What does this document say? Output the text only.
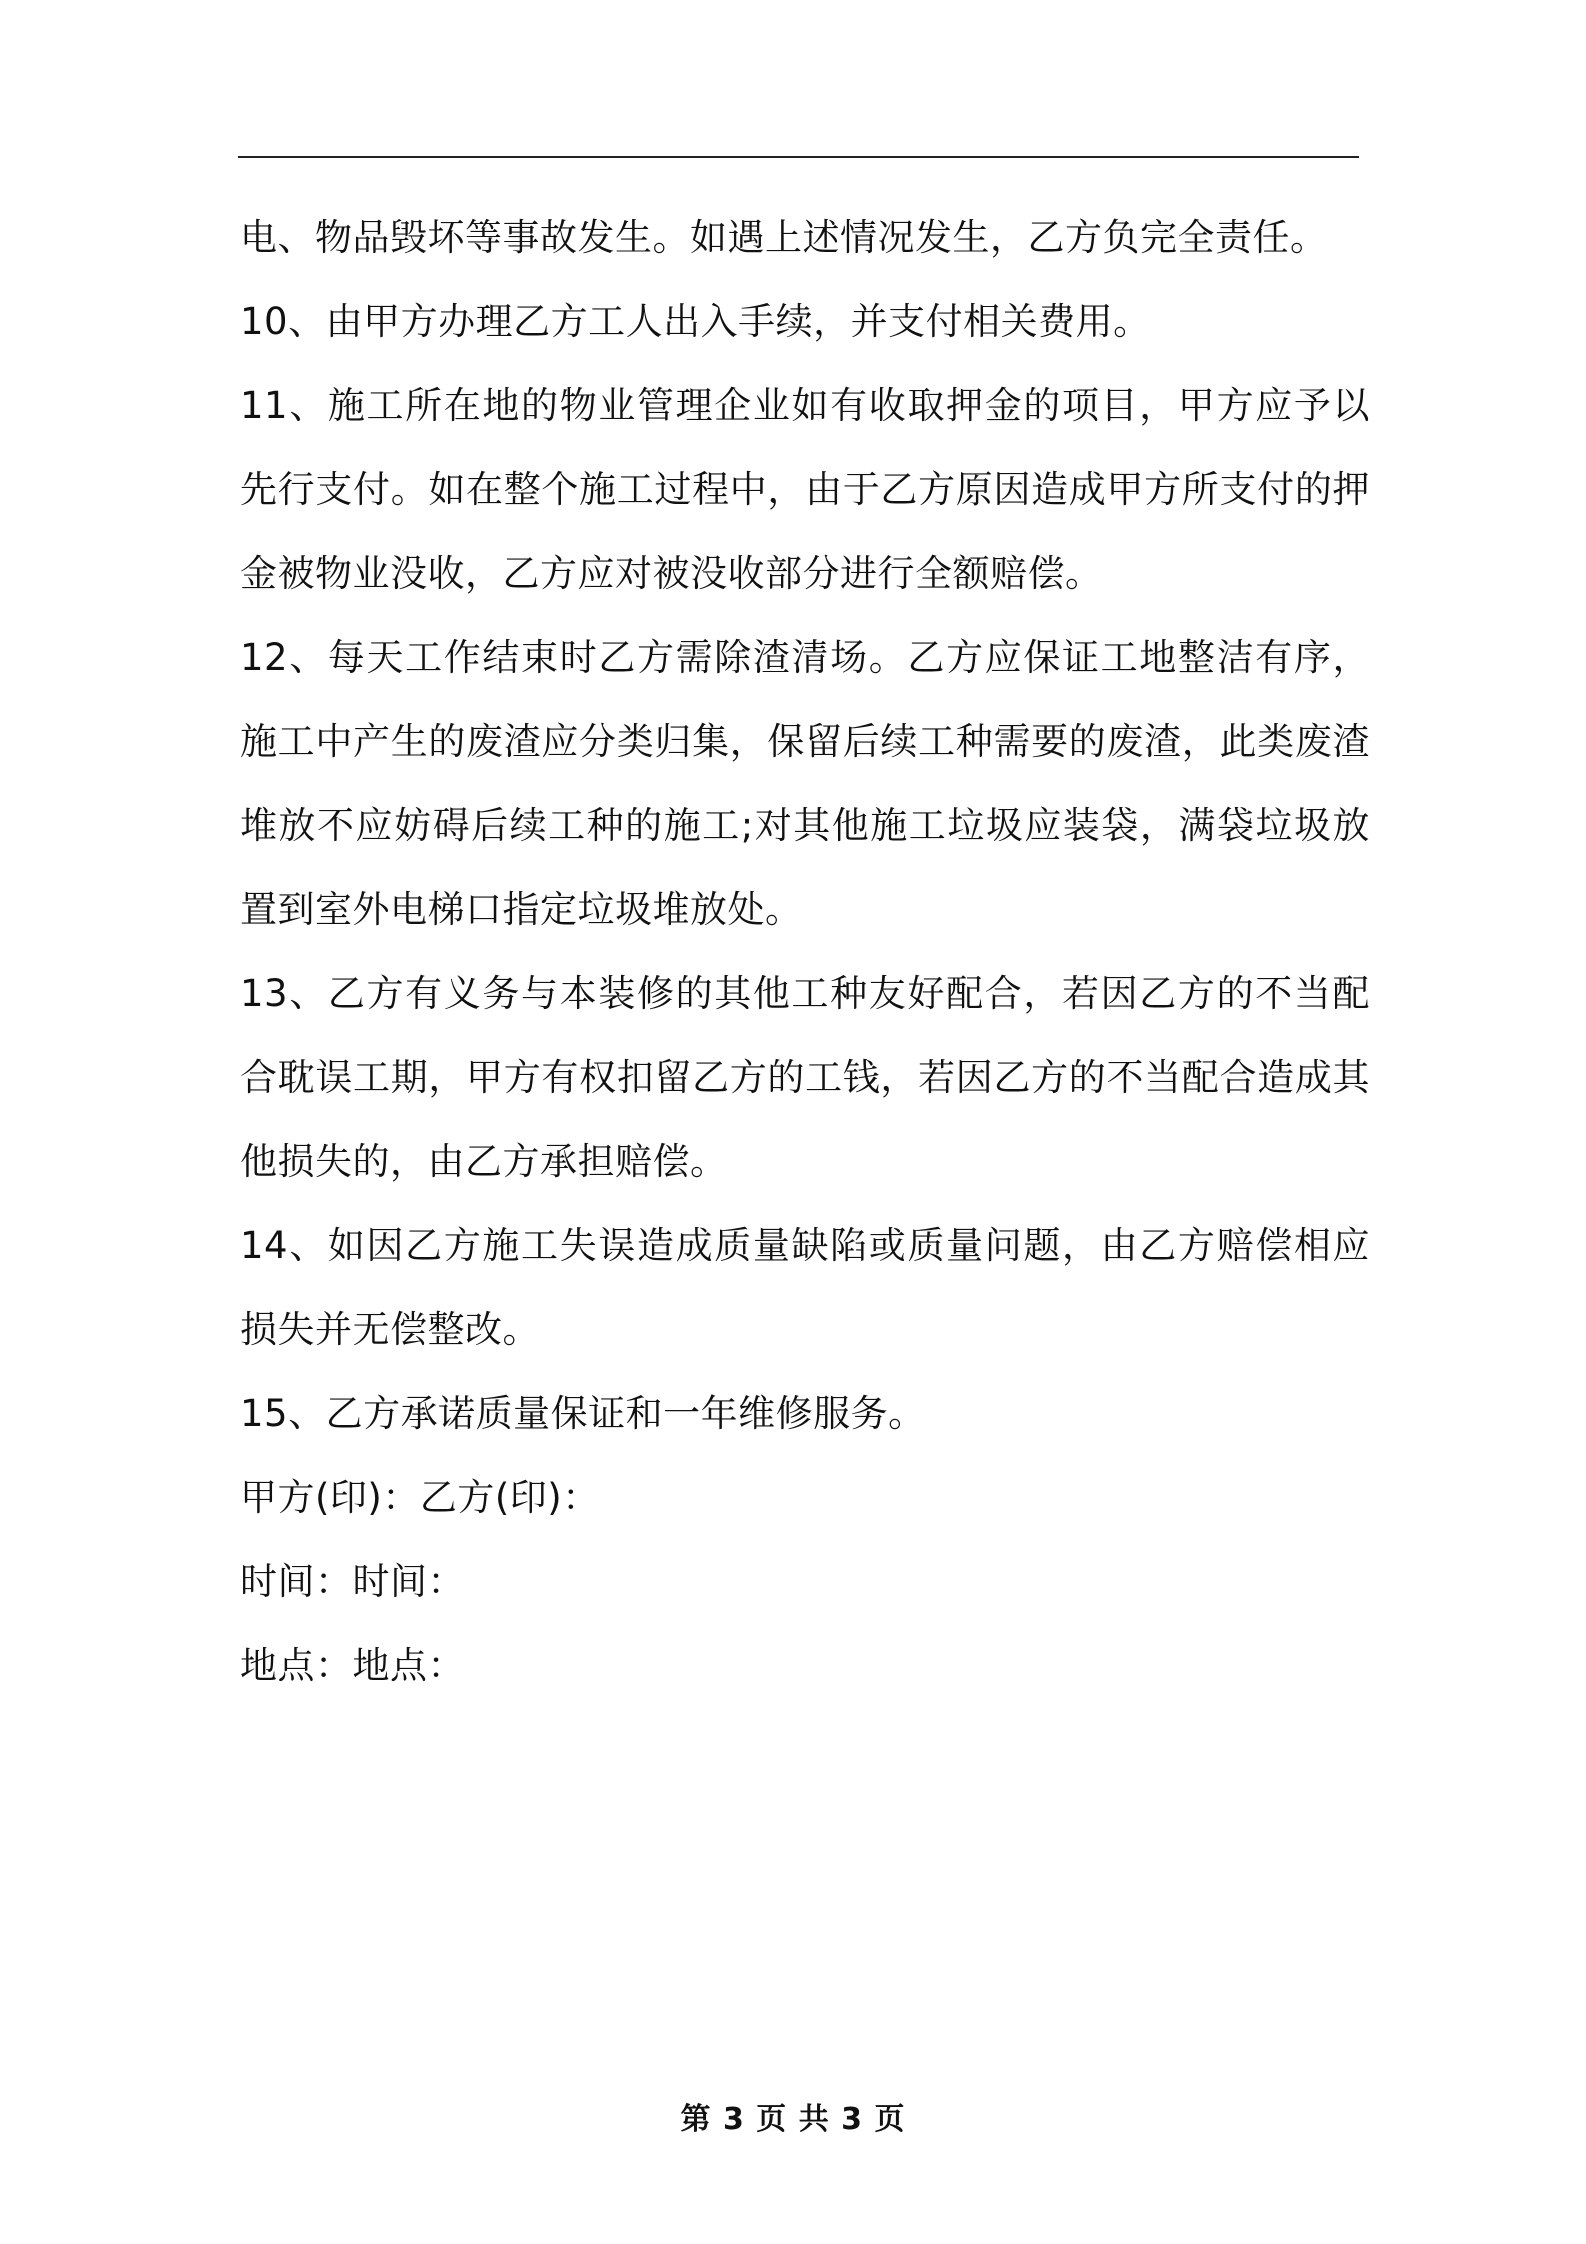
电、物品毁坏等事故发生。如遇上述情况发生，乙方负完全责任。

10、由甲方办理乙方工人出入手续，并支付相关费用。

11、施工所在地的物业管理企业如有收取押金的项目，甲方应予以先行支付。如在整个施工过程中，由于乙方原因造成甲方所支付的押金被物业没收，乙方应对被没收部分进行全额赔偿。

12、每天工作结束时乙方需除渣清场。乙方应保证工地整洁有序，施工中产生的废渣应分类归集，保留后续工种需要的废渣，此类废渣堆放不应妨碍后续工种的施工;对其他施工垃圾应装袋，满袋垃圾放置到室外电梯口指定垃圾堆放处。

13、乙方有义务与本装修的其他工种友好配合，若因乙方的不当配合耽误工期，甲方有权扣留乙方的工钱，若因乙方的不当配合造成其他损失的，由乙方承担赔偿。

14、如因乙方施工失误造成质量缺陷或质量问题，由乙方赔偿相应损失并无偿整改。

15、乙方承诺质量保证和一年维修服务。

甲方(印)：乙方(印)：

时间：时间：

地点：地点：

第 3 页 共 3 页
